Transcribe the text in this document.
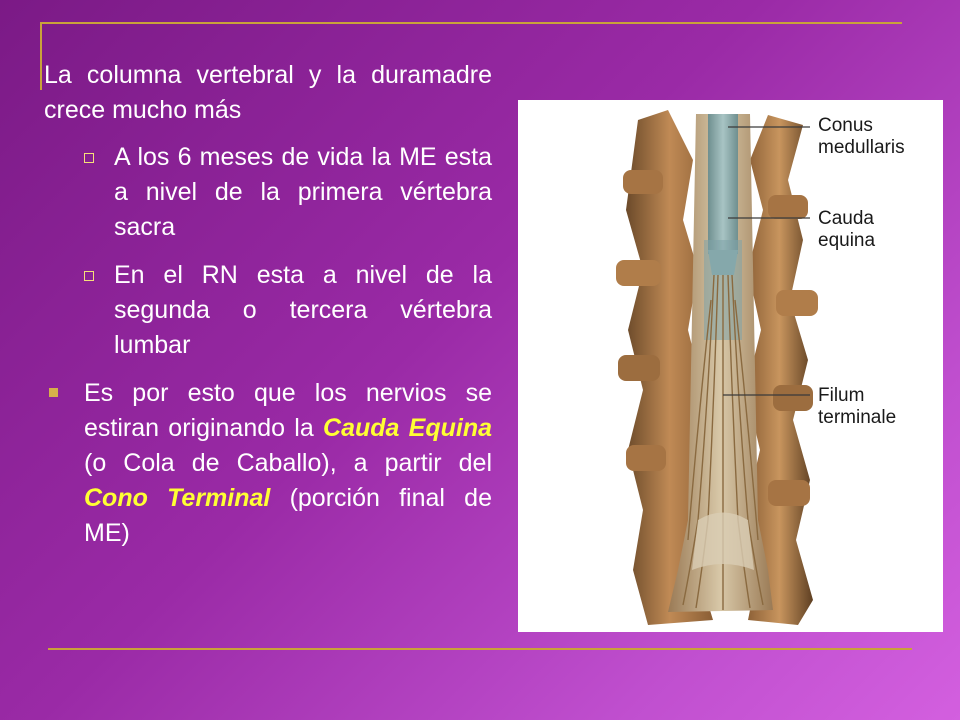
La columna vertebral y la duramadre crece mucho más

A los 6 meses de vida la ME esta a nivel de la primera vértebra sacra
En el RN esta a nivel de la segunda o tercera vértebra lumbar
Es por esto que los nervios se estiran originando la Cauda Equina (o Cola de Caballo), a partir del Cono Terminal (porción final de ME)
Conus
medullaris
Cauda
equina
Filum
terminale
